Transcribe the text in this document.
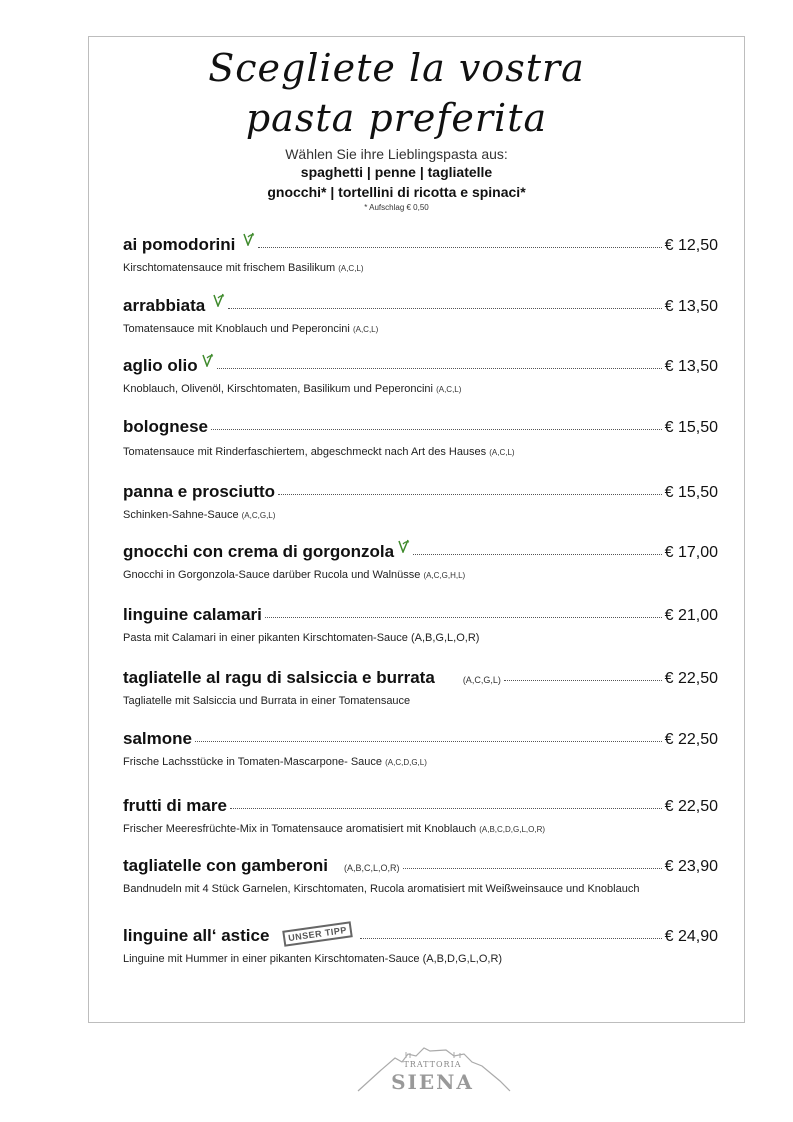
Scegliete la vostra
pasta preferita
Wählen Sie ihre Lieblingspasta aus:
spaghetti | penne | tagliatelle
gnocchi* | tortellini di ricotta e spinaci*
* Aufschlag € 0,50
ai pomodorini	€ 12,50
Kirschtomatensauce mit frischem Basilikum (A,C,L)
arrabbiata	€ 13,50
Tomatensauce mit Knoblauch und Peperoncini (A,C,L)
aglio olio	€ 13,50
Knoblauch, Olivenöl, Kirschtomaten, Basilikum und Peperoncini (A,C,L)
bolognese	€ 15,50
Tomatensauce mit Rinderfaschiertem, abgeschmeckt nach Art des Hauses (A,C,L)
panna e prosciutto	€ 15,50
Schinken-Sahne-Sauce (A,C,G,L)
gnocchi con crema di gorgonzola	€ 17,00
Gnocchi in Gorgonzola-Sauce darüber Rucola und Walnüsse (A,C,G,H,L)
linguine calamari	€ 21,00
Pasta mit Calamari in einer pikanten Kirschtomaten-Sauce (A,B,G,L,O,R)
tagliatelle al ragu di salsiccia e burrata	(A,C,G,L)	€ 22,50
Tagliatelle mit Salsiccia und Burrata in einer Tomatensauce
salmone	€ 22,50
Frische Lachsstücke in Tomaten-Mascarpone- Sauce (A,C,D,G,L)
frutti di mare	€ 22,50
Frischer Meeresfrüchte-Mix in Tomatensauce aromatisiert mit Knoblauch (A,B,C,D,G,L,O,R)
tagliatelle con gamberoni (A,B,C,L,O,R)	€ 23,90
Bandnudeln mit 4 Stück Garnelen, Kirschtomaten, Rucola aromatisiert mit Weißweinsauce und Knoblauch
linguine all‘ astice	UNSER TIPP	€ 24,90
Linguine mit Hummer in einer pikanten Kirschtomaten-Sauce (A,B,D,G,L,O,R)
TRATTORIA
SIENA
